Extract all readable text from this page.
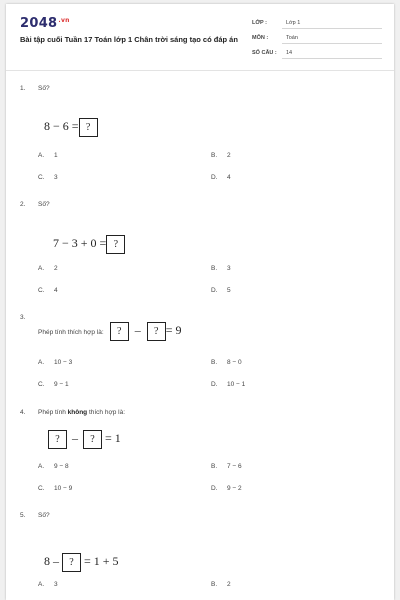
$2048^{.vn}$
Bài tập cuối Tuần 17 Toán lớp 1 Chân trời sáng tạo có đáp án
LỚP :	Lớp 1
MÔN :	Toán
SỐ CÂU : 14
1. Số?
8 − 6 = ?
A. 1	B. 2
C. 3	D. 4
2. Số?
7 − 3 + 0 = ?
A. 2	B. 3
C. 4	D. 5
3.
Phép tính thích hợp là: ? – ? = 9
A. 10 − 3	B. 8 − 0
C. 9 − 1	D. 10 − 1
4. Phép tính không thích hợp là:
? – ? = 1
A. 9 − 8	B. 7 − 6
C. 10 − 9	D. 9 − 2
5. Số?
8 – ? = 1 + 5
A. 3	B. 2
